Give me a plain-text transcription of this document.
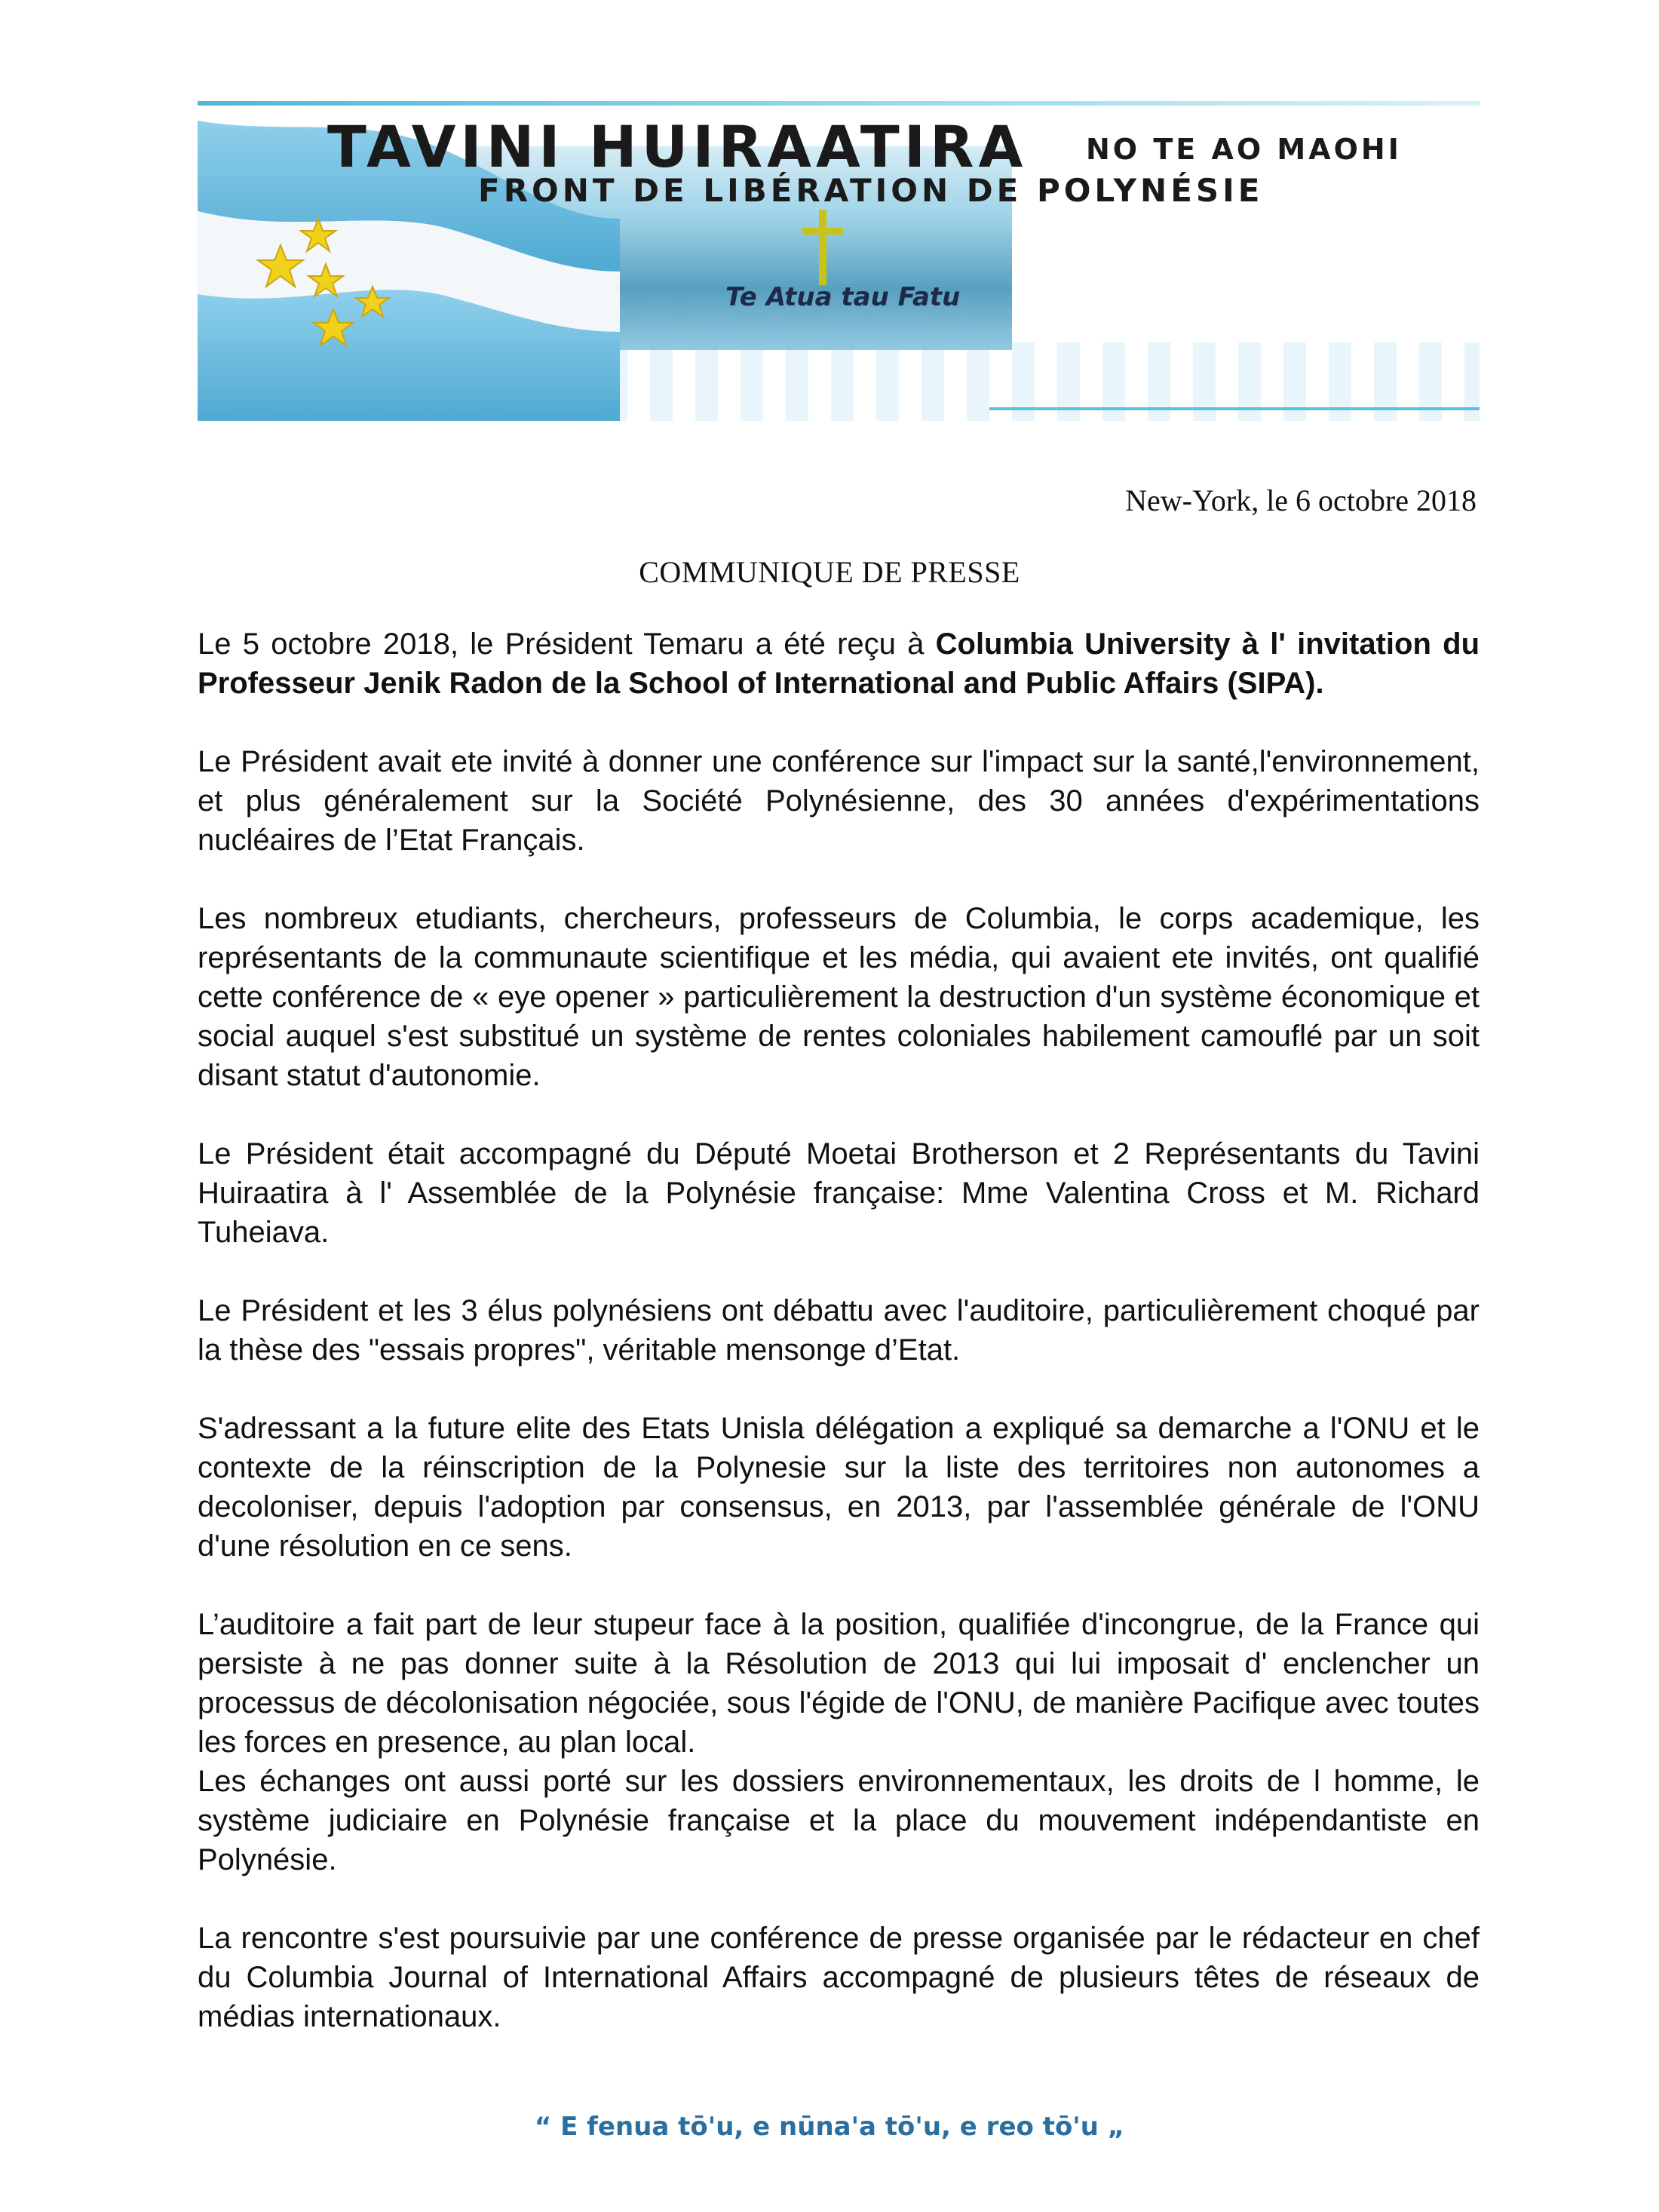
TAVINI HUIRAATIRA NO TE AO MAOHI
FRONT DE LIBÉRATION DE POLYNÉSIE
Te Atua tau Fatu
New-York, le 6 octobre 2018
COMMUNIQUE DE PRESSE

Le 5 octobre 2018, le Président Temaru a été reçu à Columbia University à l' invitation du Professeur Jenik Radon de la School of International and Public Affairs (SIPA).

Le Président avait ete invité à donner une conférence sur l'impact sur la santé,l'environnement, et plus généralement sur la Société Polynésienne, des 30 années d'expérimentations nucléaires de l’Etat Français.

Les nombreux etudiants, chercheurs, professeurs de Columbia, le corps academique, les représentants de la communaute scientifique et les média, qui avaient ete invités, ont qualifié cette conférence de « eye opener » particulièrement la destruction d'un système économique et social auquel s'est substitué un système de rentes coloniales habilement camouflé par un soit disant statut d'autonomie.

Le Président était accompagné du Député Moetai Brotherson et 2 Représentants du Tavini Huiraatira à l' Assemblée de la Polynésie française: Mme Valentina Cross et M. Richard Tuheiava.

Le Président et les 3 élus polynésiens ont débattu avec l'auditoire, particulièrement choqué par la thèse des "essais propres", véritable mensonge d’Etat.

S'adressant a la future elite des Etats Unisla délégation a expliqué sa demarche a l'ONU et le contexte de la réinscription de la Polynesie sur la liste des territoires non autonomes a decoloniser, depuis l'adoption par consensus, en 2013, par l'assemblée générale de l'ONU d'une résolution en ce sens.

L’auditoire a fait part de leur stupeur face à la position, qualifiée d'incongrue, de la France qui persiste à ne pas donner suite à la Résolution de 2013 qui lui imposait d' enclencher un processus de décolonisation négociée, sous l'égide de l'ONU, de manière Pacifique avec toutes les forces en presence, au plan local.

Les échanges ont aussi porté sur les dossiers environnementaux, les droits de l homme, le système judiciaire en Polynésie française et la place du mouvement indépendantiste en Polynésie.

La rencontre s'est poursuivie par une conférence de presse organisée par le rédacteur en chef du Columbia Journal of International Affairs accompagné de plusieurs têtes de réseaux de médias internationaux.

“ E fenua tō'u, e nūna'a tō'u, e reo tō'u „
